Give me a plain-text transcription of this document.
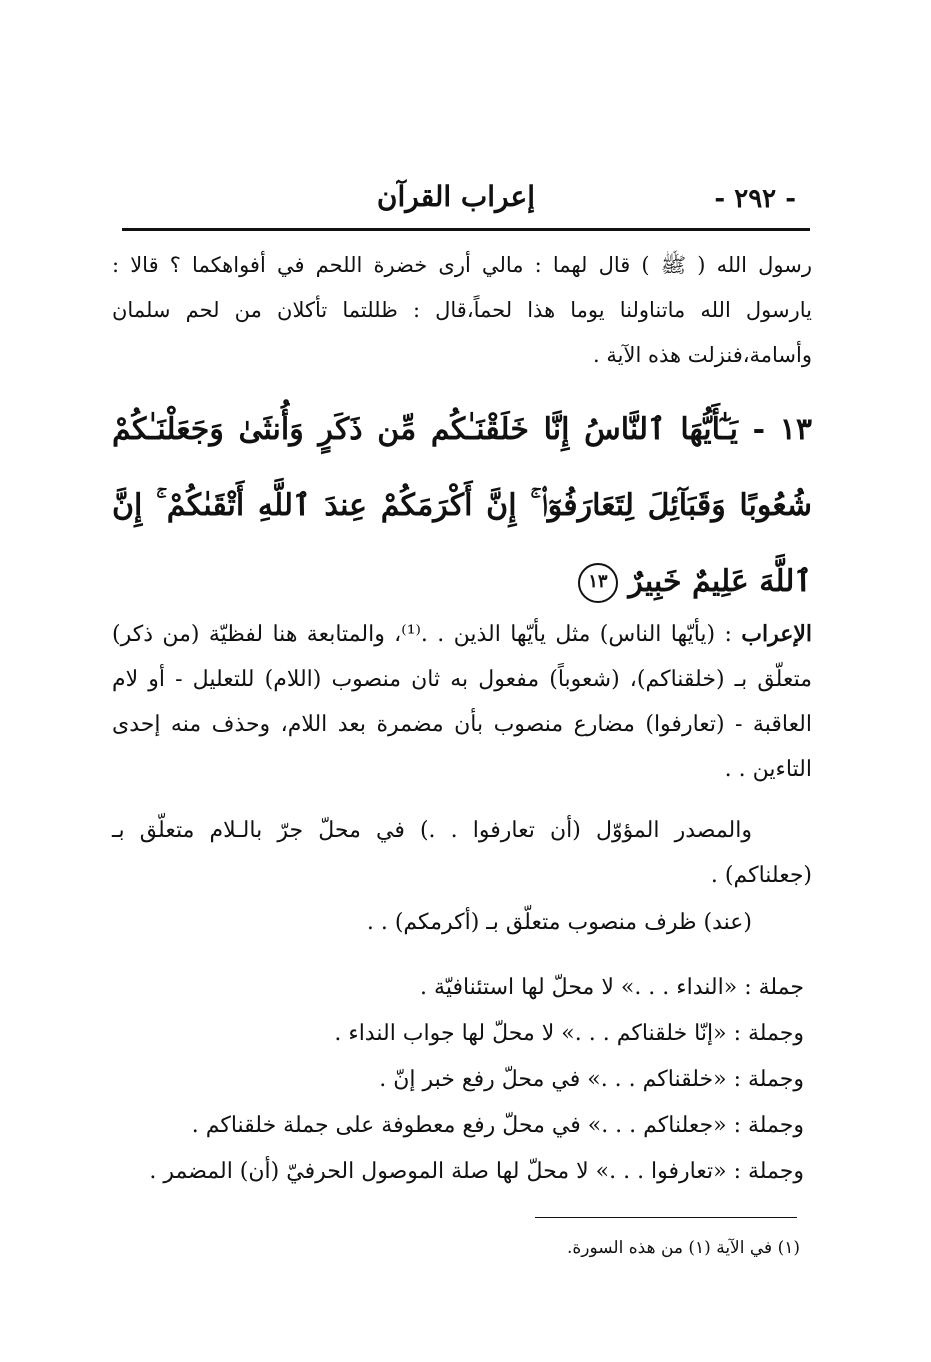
- ٢٩٢ -
إعراب القرآن
رسول الله ( ﷺ ) قال لهما : مالي أرى خضرة اللحم في أفواهكما ؟ قالا : يارسول الله ماتناولنا يوما هذا لحماً،قال : ظللتما تأكلان من لحم سلمان وأسامة،فنزلت هذه الآية .
١٣ - يَـٰٓأَيُّهَا ٱلنَّاسُ إِنَّا خَلَقْنَـٰكُم مِّن ذَكَرٍ وَأُنثَىٰ وَجَعَلْنَـٰكُمْ شُعُوبًا وَقَبَآئِلَ لِتَعَارَفُوٓا۟ ۚ إِنَّ أَكْرَمَكُمْ عِندَ ٱللَّهِ أَتْقَىٰكُمْ ۚ إِنَّ ٱللَّهَ عَلِيمٌ خَبِيرٌ ١٣
الإعراب : (يأيّها الناس) مثل يأيّها الذين . .⁽¹⁾، والمتابعة هنا لفظيّة (من ذكر) متعلّق بـ (خلقناكم)، (شعوباً) مفعول به ثان منصوب (اللام) للتعليل - أو لام العاقبة - (تعارفوا) مضارع منصوب بأن مضمرة بعد اللام، وحذف منه إحدى التاءين . .
والمصدر المؤوّل (أن تعارفوا . .) في محلّ جرّ بالـلام متعلّق بـ (جعلناكم) .
(عند) ظرف منصوب متعلّق بـ (أكرمكم) . .
جملة : «النداء . . .» لا محلّ لها استئنافيّة .
وجملة : «إنّا خلقناكم . . .» لا محلّ لها جواب النداء .
وجملة : «خلقناكم . . .» في محلّ رفع خبر إنّ .
وجملة : «جعلناكم . . .» في محلّ رفع معطوفة على جملة خلقناكم .
وجملة : «تعارفوا . . .» لا محلّ لها صلة الموصول الحرفيّ (أن) المضمر .
(١) في الآية (١) من هذه السورة.
